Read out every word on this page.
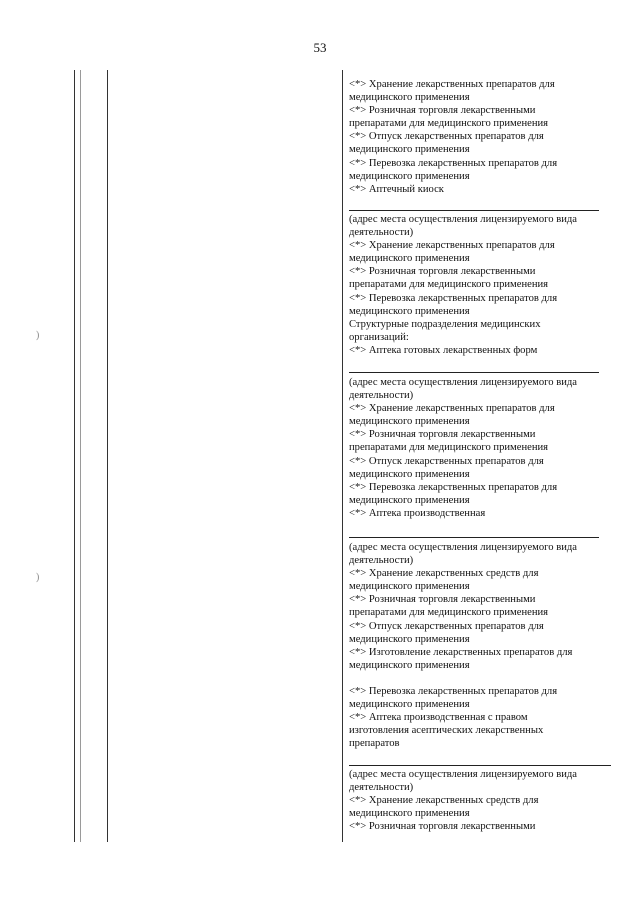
53
)
)
<*> Хранение лекарственных препаратов для
медицинского применения
<*> Розничная торговля лекарственными
препаратами для медицинского применения
<*> Отпуск лекарственных препаратов для
медицинского применения
<*> Перевозка лекарственных препаратов для
медицинского применения
<*> Аптечный киоск
(адрес места осуществления лицензируемого вида
деятельности)
<*> Хранение лекарственных препаратов для
медицинского применения
<*> Розничная торговля лекарственными
препаратами для медицинского применения
<*> Перевозка лекарственных препаратов для
медицинского применения
Структурные подразделения медицинских
организаций:
<*> Аптека готовых лекарственных форм
(адрес места осуществления лицензируемого вида
деятельности)
<*> Хранение лекарственных препаратов для
медицинского применения
<*> Розничная торговля лекарственными
препаратами для медицинского применения
<*> Отпуск лекарственных препаратов для
медицинского применения
<*> Перевозка лекарственных препаратов для
медицинского применения
<*> Аптека производственная
(адрес места осуществления лицензируемого вида
деятельности)
<*> Хранение лекарственных средств для
медицинского применения
<*> Розничная торговля лекарственными
препаратами для медицинского применения
<*> Отпуск лекарственных препаратов для
медицинского применения
<*> Изготовление лекарственных препаратов для
медицинского применения
<*> Перевозка лекарственных препаратов для
медицинского применения
<*> Аптека производственная с правом
изготовления асептических лекарственных
препаратов
(адрес места осуществления лицензируемого вида
деятельности)
<*> Хранение лекарственных средств для
медицинского применения
<*> Розничная торговля лекарственными
